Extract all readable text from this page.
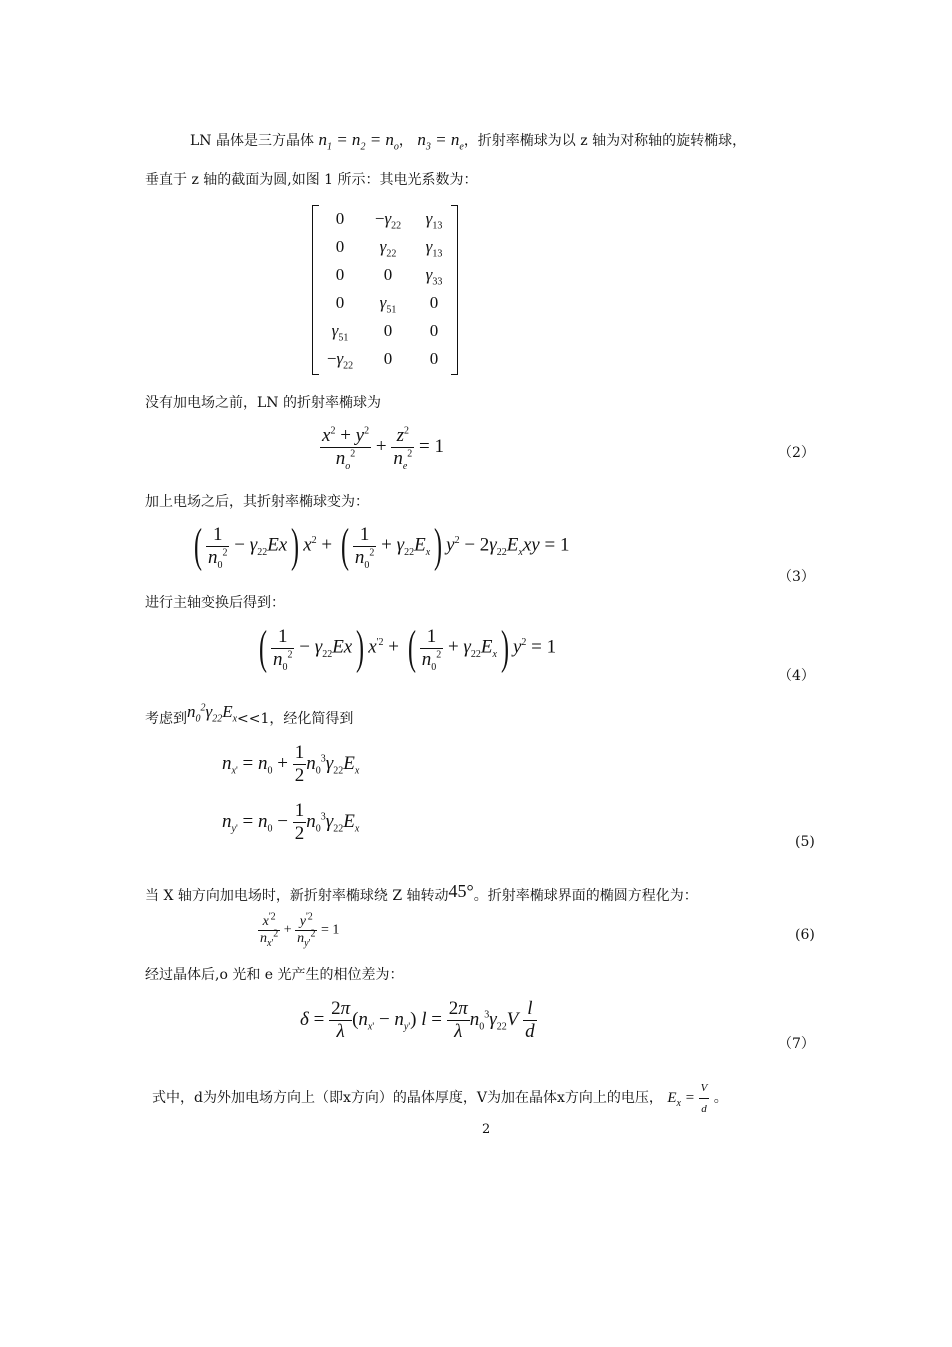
LN 晶体是三方晶体 $n_1 = n_2 = n_o$， $n_3 = n_e$，折射率椭球为以 z 轴为对称轴的旋转椭球，
垂直于 z 轴的截面为圆,如图 1 所示：其电光系数为：
0	$-\gamma_{22}$	$\gamma_{13}$
0	$\gamma_{22}$	$\gamma_{13}$
0	0	$\gamma_{33}$
0	$\gamma_{51}$	0
$\gamma_{51}$	0	0
$-\gamma_{22}$	0	0
没有加电场之前，LN 的折射率椭球为
$\frac{x^2 + y^2}{n_o^2} + \frac{z^2}{n_e^2} = 1$	（2）
加上电场之后，其折射率椭球变为：
( $\frac{1}{n_0^2} - \gamma_{22}Ex$) $x^2$ + ( $\frac{1}{n_0^2} + \gamma_{22}E_x$) $y^2 - 2\gamma_{22}E_xxy = 1$
（3）
进行主轴变换后得到：
( $\frac{1}{n_0^2} - \gamma_{22}Ex$) $x^{'2}$ + ( $\frac{1}{n_0^2} + \gamma_{22}E_x$) $y^2 = 1$
（4）
考虑到$n_0^2\gamma_{22}E_x<<1$，经化简得到
$n_{x'} = n_0 + \frac{1}{2} n_0^3\gamma_{22}E_x$
$n_{y'} = n_0 - \frac{1}{2} n_0^3\gamma_{22}E_x$
(5)
当 X 轴方向加电场时，新折射率椭球绕 Z 轴转动45°。折射率椭球界面的椭圆方程化为：
$\frac{x^{'2}}{n_{x'}^2} + \frac{y^{'2}}{n_{y'}^2} = 1$	(6)
经过晶体后,o 光和 e 光产生的相位差为：
$\delta = \frac{2\pi}{\lambda} (n_{x'} - n_{y'}) l = \frac{2\pi}{\lambda} n_0^3\gamma_{22}V \frac{l}{d}$
（7）
式中，d为外加电场方向上（即x方向）的晶体厚度，V为加在晶体x方向上的电压， $E_x = \frac{V}{d}$ 。
2
